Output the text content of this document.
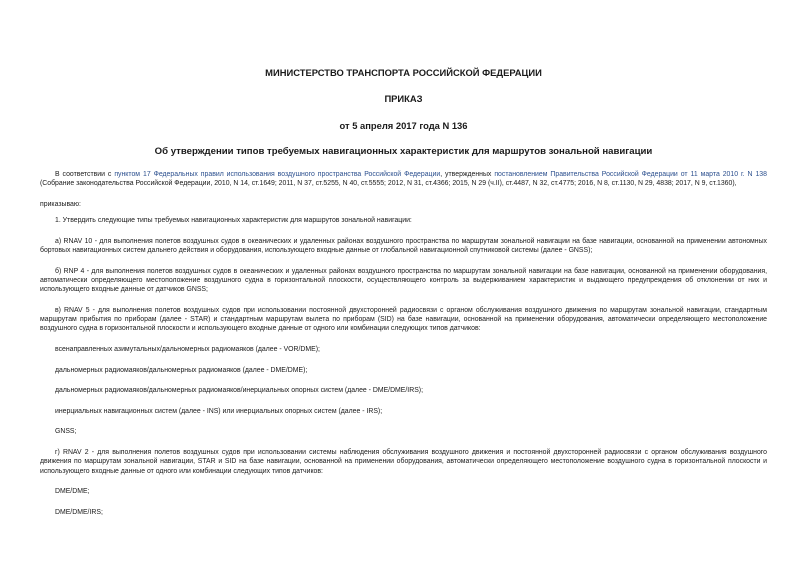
МИНИСТЕРСТВО ТРАНСПОРТА РОССИЙСКОЙ ФЕДЕРАЦИИ
ПРИКАЗ
от 5 апреля 2017 года N 136
Об утверждении типов требуемых навигационных характеристик для маршрутов зональной навигации

В соответствии с пунктом 17 Федеральных правил использования воздушного пространства Российской Федерации, утвержденных постановлением Правительства Российской Федерации от 11 марта 2010 г. N 138 (Собрание законодательства Российской Федерации, 2010, N 14, ст.1649; 2011, N 37, ст.5255, N 40, ст.5555; 2012, N 31, ст.4366; 2015, N 29 (ч.II), ст.4487, N 32, ст.4775; 2016, N 8, ст.1130, N 29, 4838; 2017, N 9, ст.1360),

приказываю:

1. Утвердить следующие типы требуемых навигационных характеристик для маршрутов зональной навигации:

а) RNAV 10 - для выполнения полетов воздушных судов в океанических и удаленных районах воздушного пространства по маршрутам зональной навигации на базе навигации, основанной на применении автономных бортовых навигационных систем дальнего действия и оборудования, использующего входные данные от глобальной навигационной спутниковой системы (далее - GNSS);

б) RNP 4 - для выполнения полетов воздушных судов в океанических и удаленных районах воздушного пространства по маршрутам зональной навигации на базе навигации, основанной на применении оборудования, автоматически определяющего местоположение воздушного судна в горизонтальной плоскости, осуществляющего контроль за выдерживанием характеристик и выдающего предупреждения об отклонении от них и использующего входные данные от датчиков GNSS;

в) RNAV 5 - для выполнения полетов воздушных судов при использовании постоянной двухсторонней радиосвязи с органом обслуживания воздушного движения по маршрутам зональной навигации, стандартным маршрутам прибытия по приборам (далее - STAR) и стандартным маршрутам вылета по приборам (SID) на базе навигации, основанной на применении оборудования, автоматически определяющего местоположение воздушного судна в горизонтальной плоскости и использующего входные данные от одного или комбинации следующих типов датчиков:

всенаправленных азимутальных/дальномерных радиомаяков (далее - VOR/DME);

дальномерных радиомаяков/дальномерных радиомаяков (далее - DME/DME);

дальномерных радиомаяков/дальномерных радиомаяков/инерциальных опорных систем (далее - DME/DME/IRS);

инерциальных навигационных систем (далее - INS) или инерциальных опорных систем (далее - IRS);

GNSS;

г) RNAV 2 - для выполнения полетов воздушных судов при использовании системы наблюдения обслуживания воздушного движения и постоянной двухсторонней радиосвязи с органом обслуживания воздушного движения по маршрутам зональной навигации, STAR и SID на базе навигации, основанной на применении оборудования, автоматически определяющего местоположение воздушного судна в горизонтальной плоскости и использующего входные данные от одного или комбинации следующих типов датчиков:

DME/DME;

DME/DME/IRS;
